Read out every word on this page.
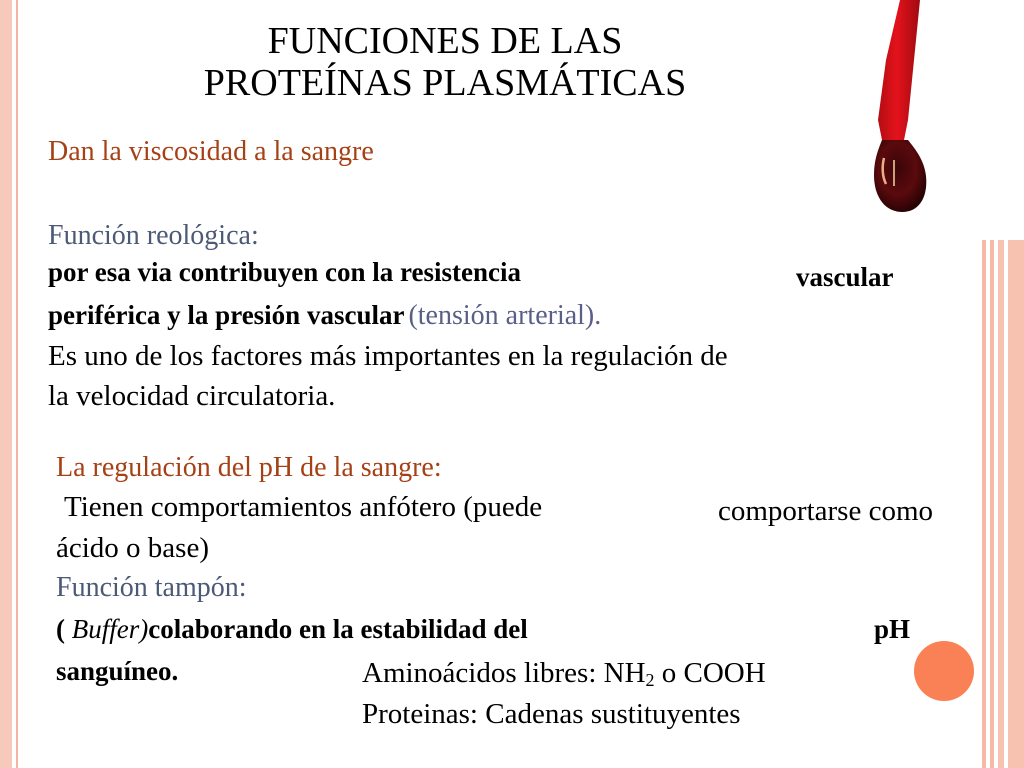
FUNCIONES DE LAS
PROTEÍNAS PLASMÁTICAS
Dan la viscosidad a la sangre
Función reológica:
por esa via contribuyen con la resistencia	vascular
periférica y la presión vascular (tensión arterial).
Es uno de los factores más importantes en la regulación de
la velocidad circulatoria.
La regulación del pH de la sangre:
Tienen comportamientos anfótero (puede	comportarse como
ácido o base)
Función tampón:
( Buffer)colaborando en la estabilidad del	pH
sanguíneo.	Aminoácidos libres: $NH_2$ o COOH
Proteinas: Cadenas sustituyentes
